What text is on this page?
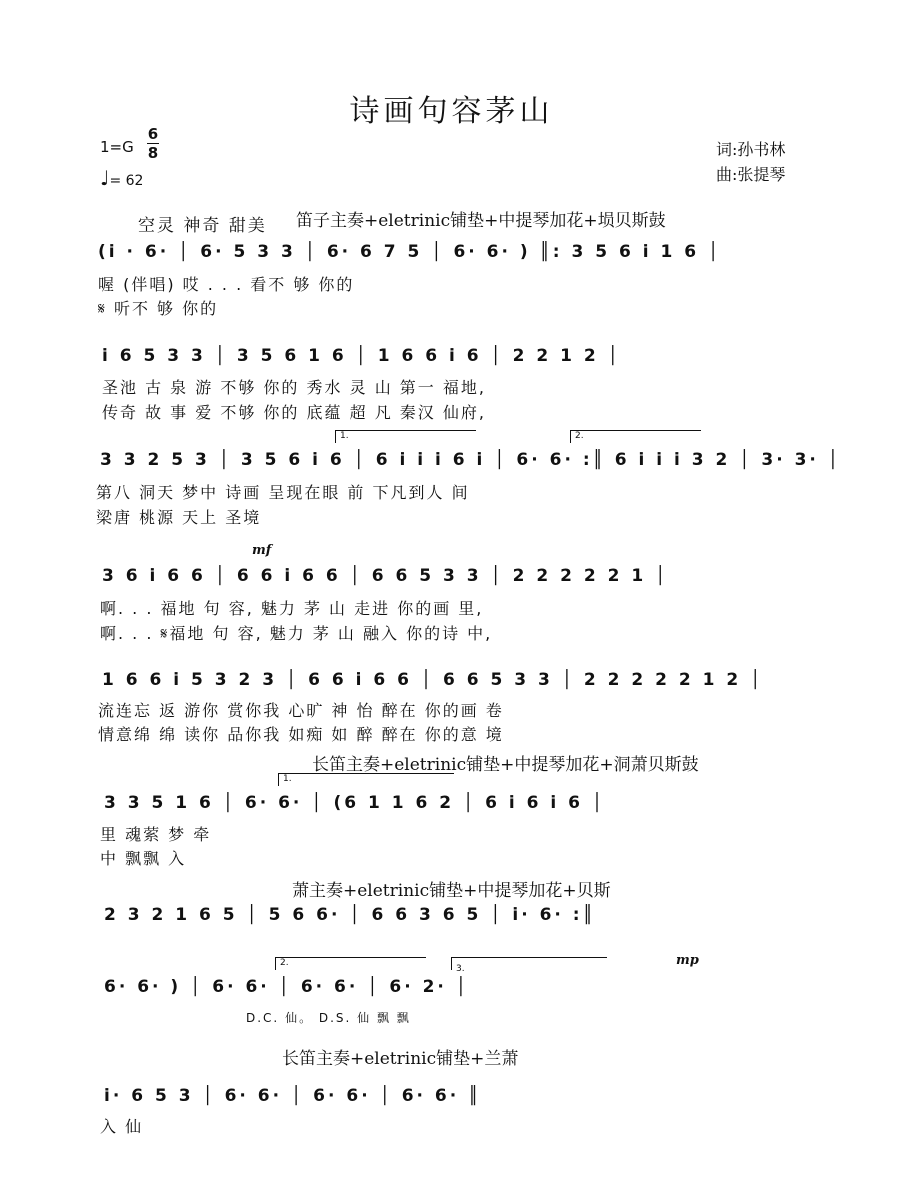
诗画句容茅山
1=G
6
8
♩= 62
词:孙书林
曲:张提琴
空灵 神奇 甜美 笛子主奏+eletrinic铺垫+中提琴加花+埙贝斯鼓
(i̇ · 6· │ 6· 5 3 3 │ 6· 6 7 5 │ 6· 6· ) ║: 3 5 6 i̇ 1 6 │
喔 (伴唱) 哎 . . . 看不 够 你的
𝄋 听不 够 你的
i̇ 6 5 3 3 │ 3 5 6 1 6 │ 1 6 6 i̇ 6 │ 2 2 1 2 │
圣池 古 泉 游 不够 你的 秀水 灵 山 第一 福地,
传奇 故 事 爱 不够 你的 底蕴 超 凡 秦汉 仙府,
1.	2.
3 3 2 5 3 │ 3 5 6 i̇ 6 │ 6 i̇ i̇ i̇ 6 i̇ │ 6· 6· :║ 6 i̇ i̇ i̇ 3 2 │ 3· 3· │
第八 洞天 梦中 诗画 呈现在眼 前 下凡到人 间
梁唐 桃源 天上 圣境
mf
3 6 i̇ 6 6 │ 6 6 i̇ 6 6 │ 6 6 5 3 3 │ 2 2 2 2 2 1 │
啊. . . 福地 句 容, 魅力 茅 山 走进 你的画 里,
啊. . . 𝄋福地 句 容, 魅力 茅 山 融入 你的诗 中,
1 6 6 i̇ 5 3 2 3 │ 6 6 i̇ 6 6 │ 6 6 5 3 3 │ 2 2 2 2 2 1 2 │
流连忘 返 游你 赏你我 心旷 神 怡 醉在 你的画 卷
情意绵 绵 读你 品你我 如痴 如 醉 醉在 你的意 境
长笛主奏+eletrinic铺垫+中提琴加花+洞萧贝斯鼓
1.
3 3 5 1 6 │ 6· 6· │ (6 1 1 6 2 │ 6 i̇ 6 i̇ 6 │
里 魂萦 梦 牵
中 飘飘 入
萧主奏+eletrinic铺垫+中提琴加花+贝斯
2 3 2 1 6 5 │ 5 6 6· │ 6 6 3 6 5 │ i̇· 6· :║
2.
3.
mp
6· 6· ) │ 6· 6· │ 6· 6· │ 6· 2· │
D.C. 仙。 D.S. 仙 飘 飘
长笛主奏+eletrinic铺垫+兰萧
i̇· 6 5 3 │ 6· 6· │ 6· 6· │ 6· 6· ║
入 仙
